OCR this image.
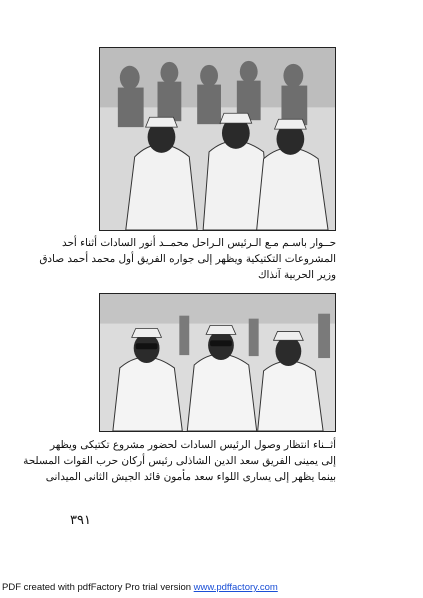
حــوار باسـم مـع الـرئيس الـراحل محمــد أنور السادات أثناء أحد
المشروعات التكتيكية ويظهر إلى جواره الفريق أول محمد أحمد صادق
وزير الحربية آنذاك
أثــناء انتظار وصول الرئيس السادات لحضور مشروع تكتيكى ويظهر
إلى يمينى الفريق سعد الدين الشاذلى رئيس أركان حرب القوات المسلحة
بينما يظهر إلى يسارى اللواء سعد مأمون قائد الجيش الثانى الميدانى
٣٩١
PDF created with pdfFactory Pro trial version www.pdffactory.com
